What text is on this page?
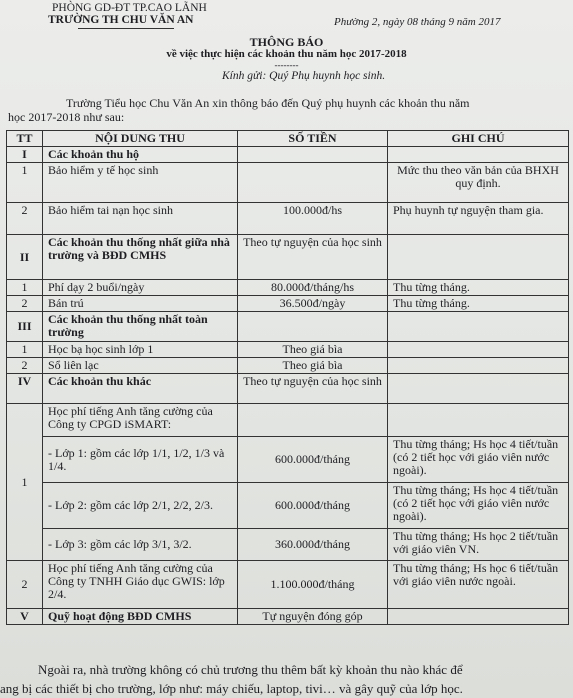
PHÒNG GD-ĐT TP.CAO LÃNH
TRƯỜNG TH CHU VĂN AN	Phường 2, ngày 08 tháng 9 năm 2017
THÔNG BÁO
về việc thực hiện các khoản thu năm học 2017-2018
--------
Kính gửi: Quý Phụ huynh học sinh.
Trường Tiểu học Chu Văn An xin thông báo đến Quý phụ huynh các khoản thu năm
học 2017-2018 như sau:
TT	NỘI DUNG THU	SỐ TIỀN	GHI CHÚ
I	Các khoản thu hộ		
1	Bảo hiểm y tế học sinh		Mức thu theo văn bản của BHXH quy định.
2	Bảo hiểm tai nạn học sinh	100.000đ/hs	Phụ huynh tự nguyện tham gia.
II	Các khoản thu thống nhất giữa nhà trường và BĐD CMHS	Theo tự nguyện của học sinh	
1	Phí dạy 2 buổi/ngày	80.000đ/tháng/hs	Thu từng tháng.
2	Bán trú	36.500đ/ngày	Thu từng tháng.
III	Các khoản thu thống nhất toàn trường		
1	Học bạ học sinh lớp 1	Theo giá bìa	
2	Sổ liên lạc	Theo giá bìa	
IV	Các khoản thu khác	Theo tự nguyện của học sinh	
1	Học phí tiếng Anh tăng cường của Công ty CPGD iSMART:		
	- Lớp 1: gồm các lớp 1/1, 1/2, 1/3 và 1/4.	600.000đ/tháng	Thu từng tháng; Hs học 4 tiết/tuần (có 2 tiết học với giáo viên nước ngoài).
	- Lớp 2: gồm các lớp 2/1, 2/2, 2/3.	600.000đ/tháng	Thu từng tháng; Hs học 4 tiết/tuần (có 2 tiết học với giáo viên nước ngoài).
	- Lớp 3: gồm các lớp 3/1, 3/2.	360.000đ/tháng	Thu từng tháng; Hs học 2 tiết/tuần với giáo viên VN.
2	Học phí tiếng Anh tăng cường của Công ty TNHH Giáo dục GWIS: lớp 2/4.	1.100.000đ/tháng	Thu từng tháng; Hs học 6 tiết/tuần với giáo viên nước ngoài.
V	Quỹ hoạt động BĐD CMHS	Tự nguyện đóng góp	
Ngoài ra, nhà trường không có chủ trương thu thêm bất kỳ khoản thu nào khác để
ang bị các thiết bị cho trường, lớp như: máy chiếu, laptop, tivi… và gây quỹ của lớp học.
